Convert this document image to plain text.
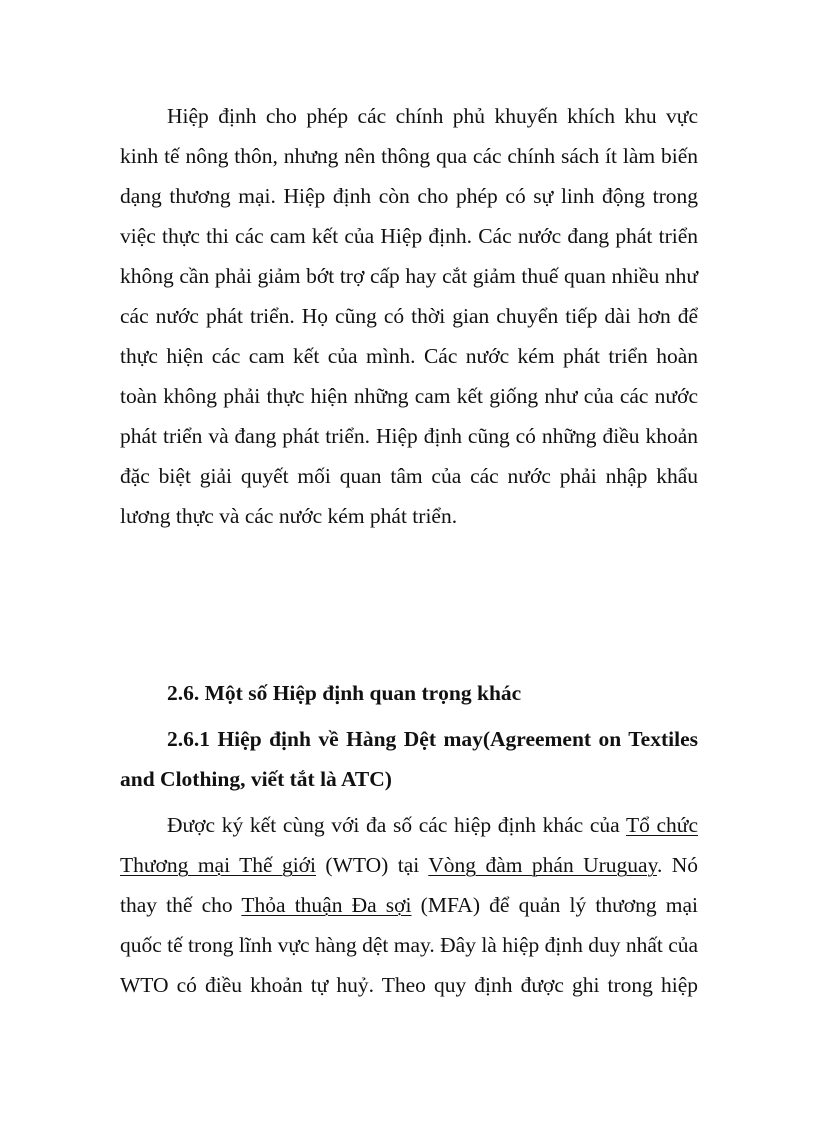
Hiệp định cho phép các chính phủ khuyến khích khu vực
kinh tế nông thôn, nhưng nên thông qua các chính sách ít làm biến
dạng thương mại. Hiệp định còn cho phép có sự linh động trong
việc thực thi các cam kết của Hiệp định. Các nước đang phát triển
không cần phải giảm bớt trợ cấp hay cắt giảm thuế quan nhiều như
các nước phát triển. Họ cũng có thời gian chuyển tiếp dài hơn để
thực hiện các cam kết của mình. Các nước kém phát triển hoàn
toàn không phải thực hiện những cam kết giống như của các nước
phát triển và đang phát triển. Hiệp định cũng có những điều khoản
đặc biệt giải quyết mối quan tâm của các nước phải nhập khẩu
lương thực và các nước kém phát triển.
2.6. Một số Hiệp định quan trọng khác
2.6.1 Hiệp định về Hàng Dệt may(Agreement on Textiles
and Clothing, viết tắt là ATC)
Được ký kết cùng với đa số các hiệp định khác của Tổ chức
Thương mại Thế giới (WTO) tại Vòng đàm phán Uruguay. Nó
thay thế cho Thỏa thuận Đa sợi (MFA) để quản lý thương mại
quốc tế trong lĩnh vực hàng dệt may. Đây là hiệp định duy nhất của
WTO có điều khoản tự huỷ. Theo quy định được ghi trong hiệp
